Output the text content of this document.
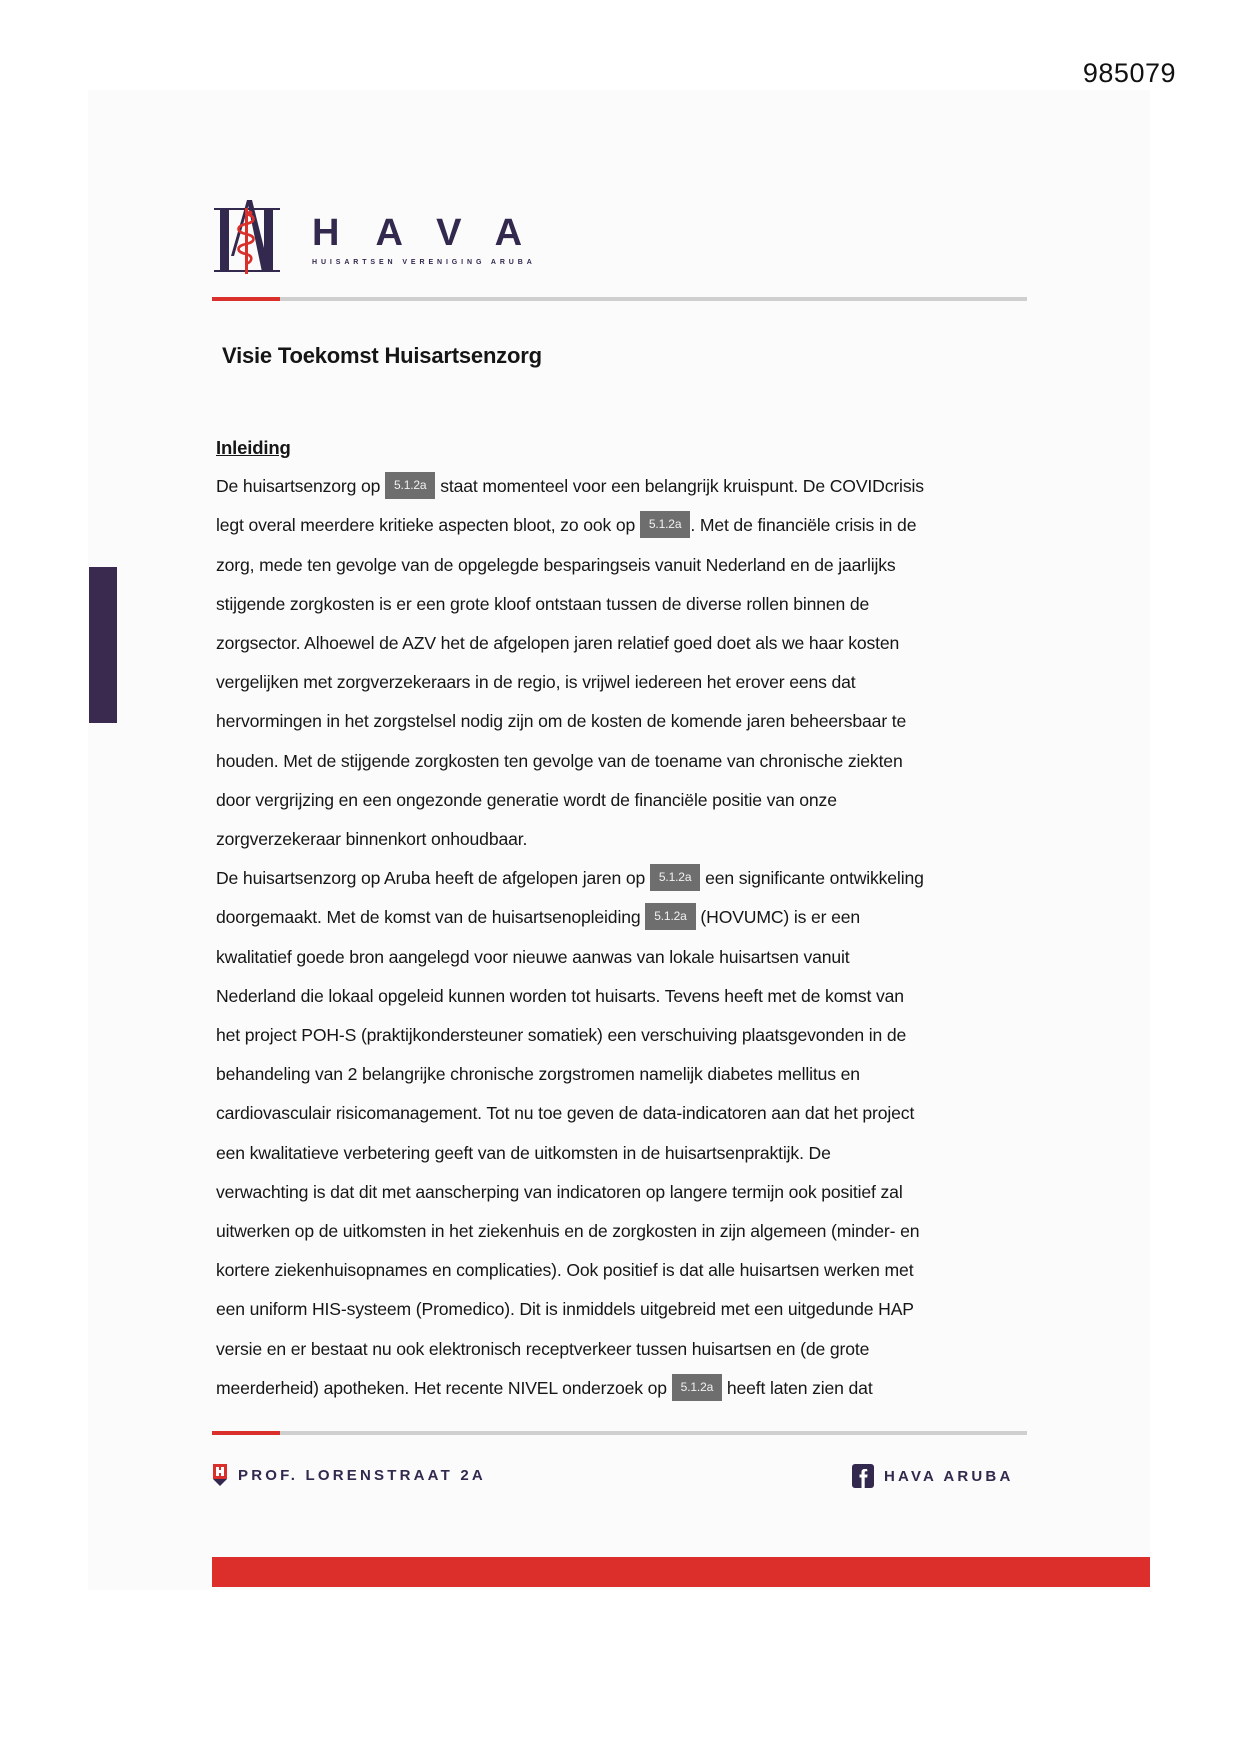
985079
HAVA
HUISARTSEN VERENIGING ARUBA
Visie Toekomst Huisartsenzorg
Inleiding
De huisartsenzorg op 5.1.2a staat momenteel voor een belangrijk kruispunt. De COVIDcrisis
legt overal meerdere kritieke aspecten bloot, zo ook op 5.1.2a . Met de financiële crisis in de
zorg, mede ten gevolge van de opgelegde besparingseis vanuit Nederland en de jaarlijks
stijgende zorgkosten is er een grote kloof ontstaan tussen de diverse rollen binnen de
zorgsector. Alhoewel de AZV het de afgelopen jaren relatief goed doet als we haar kosten
vergelijken met zorgverzekeraars in de regio, is vrijwel iedereen het erover eens dat
hervormingen in het zorgstelsel nodig zijn om de kosten de komende jaren beheersbaar te
houden. Met de stijgende zorgkosten ten gevolge van de toename van chronische ziekten
door vergrijzing en een ongezonde generatie wordt de financiële positie van onze
zorgverzekeraar binnenkort onhoudbaar.
De huisartsenzorg op Aruba heeft de afgelopen jaren op 5.1.2a een significante ontwikkeling
doorgemaakt. Met de komst van de huisartsenopleiding 5.1.2a (HOVUMC) is er een
kwalitatief goede bron aangelegd voor nieuwe aanwas van lokale huisartsen vanuit
Nederland die lokaal opgeleid kunnen worden tot huisarts. Tevens heeft met de komst van
het project POH-S (praktijkondersteuner somatiek) een verschuiving plaatsgevonden in de
behandeling van 2 belangrijke chronische zorgstromen namelijk diabetes mellitus en
cardiovasculair risicomanagement. Tot nu toe geven de data-indicatoren aan dat het project
een kwalitatieve verbetering geeft van de uitkomsten in de huisartsenpraktijk. De
verwachting is dat dit met aanscherping van indicatoren op langere termijn ook positief zal
uitwerken op de uitkomsten in het ziekenhuis en de zorgkosten in zijn algemeen (minder- en
kortere ziekenhuisopnames en complicaties). Ook positief is dat alle huisartsen werken met
een uniform HIS-systeem (Promedico). Dit is inmiddels uitgebreid met een uitgedunde HAP
versie en er bestaat nu ook elektronisch receptverkeer tussen huisartsen en (de grote
meerderheid) apotheken. Het recente NIVEL onderzoek op 5.1.2a heeft laten zien dat
PROF. LORENSTRAAT 2A	HAVA ARUBA
